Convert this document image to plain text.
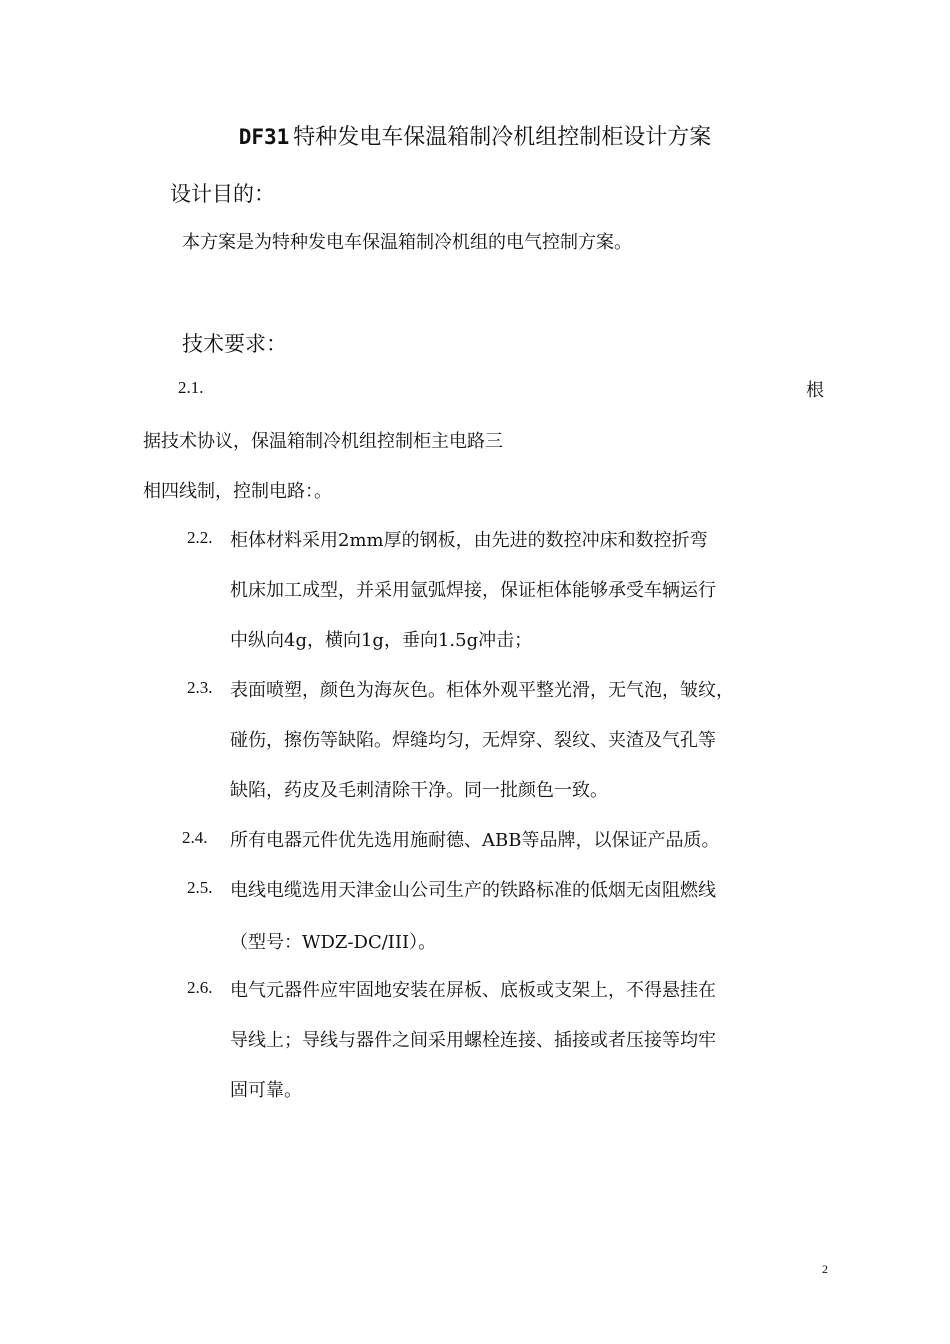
DF31 特种发电车保温箱制冷机组控制柜设计方案
设计目的：
本方案是为特种发电车保温箱制冷机组的电气控制方案。
技术要求：
2.1.	根
据技术协议，保温箱制冷机组控制柜主电路三
相四线制，控制电路：。
2.2. 柜体材料采用2mm厚的钢板，由先进的数控冲床和数控折弯
机床加工成型，并采用氩弧焊接，保证柜体能够承受车辆运行
中纵向4g，横向1g，垂向1.5g冲击；
2.3. 表面喷塑，颜色为海灰色。柜体外观平整光滑，无气泡，皱纹，
碰伤，擦伤等缺陷。焊缝均匀，无焊穿、裂纹、夹渣及气孔等
缺陷，药皮及毛刺清除干净。同一批颜色一致。
2.4. 所有电器元件优先选用施耐德、ABB等品牌，以保证产品质。
2.5. 电线电缆选用天津金山公司生产的铁路标准的低烟无卤阻燃线
（型号：WDZ-DC/III）。
2.6. 电气元器件应牢固地安装在屏板、底板或支架上，不得悬挂在
导线上；导线与器件之间采用螺栓连接、插接或者压接等均牢
固可靠。
2
